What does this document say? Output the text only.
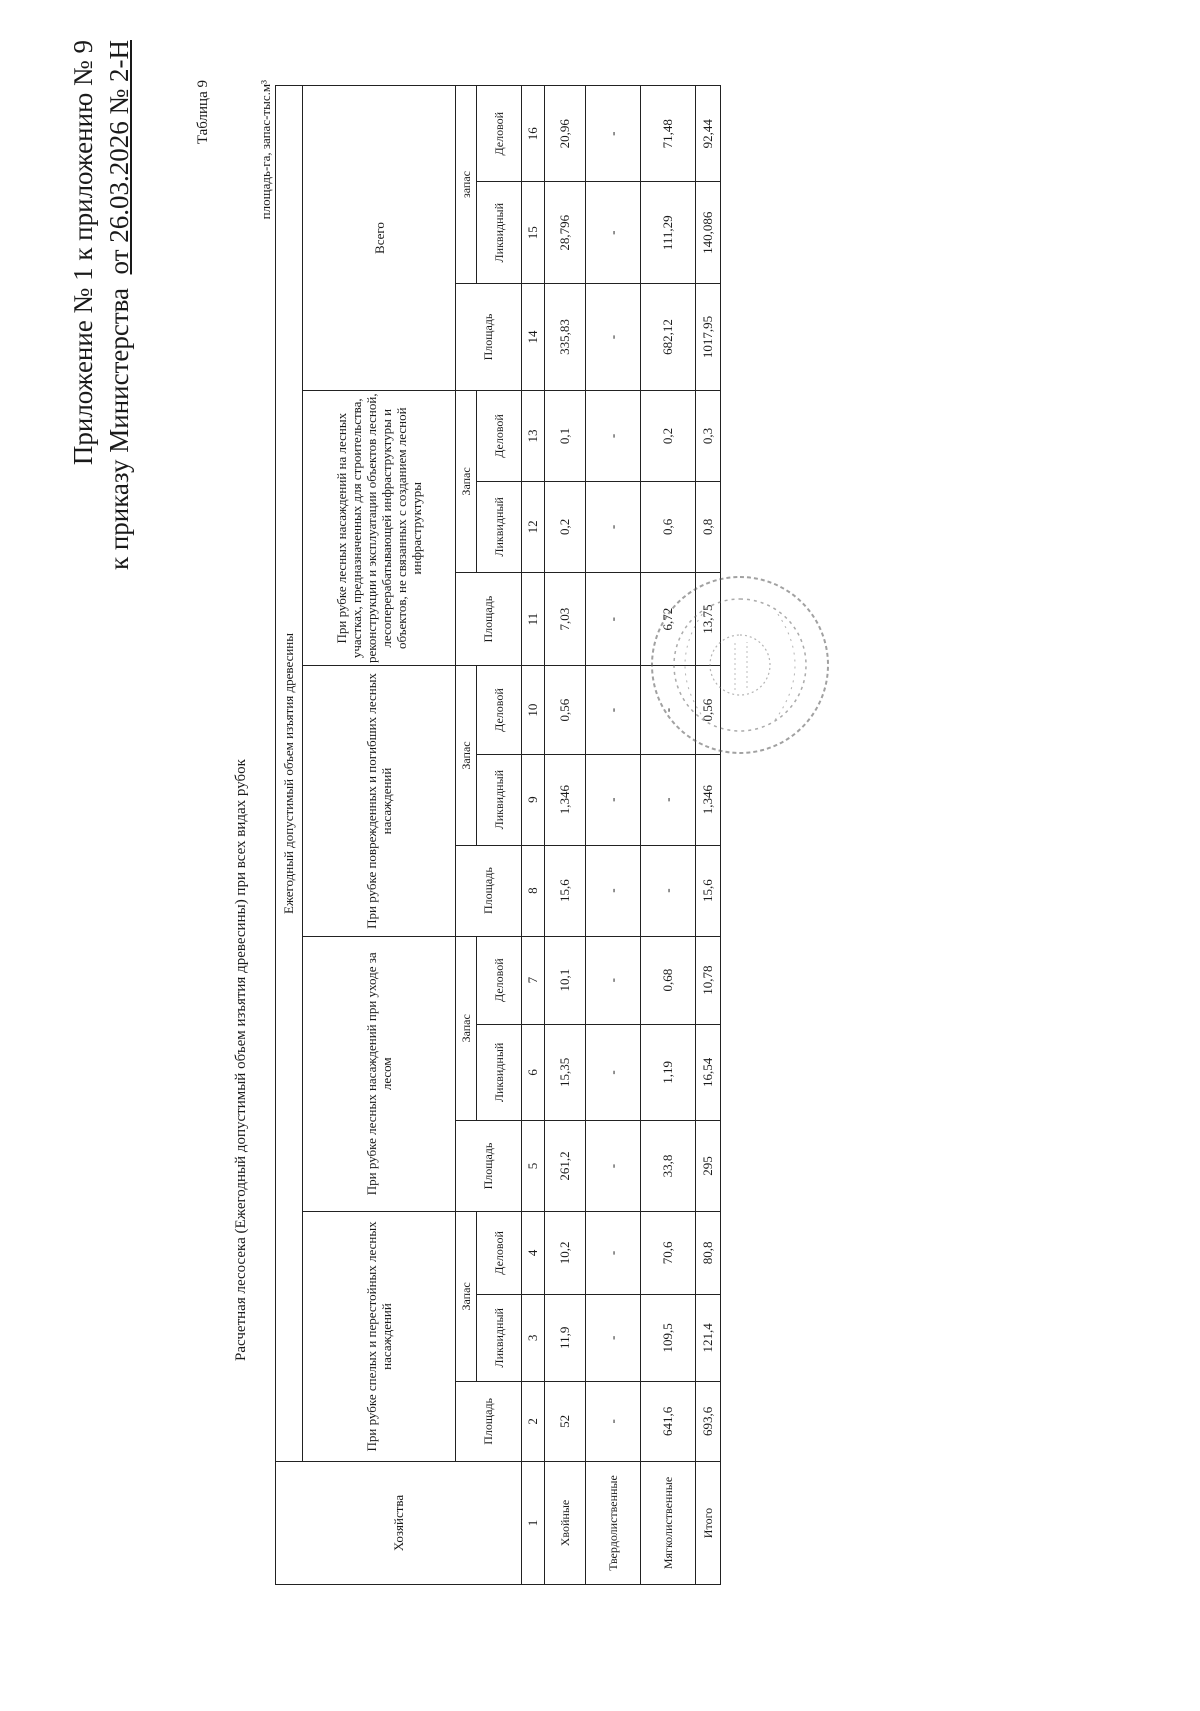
Приложение № 1 к приложению № 9 к приказу Министерства  от 26.03.2026 № 2-Н	Таблица 9
Расчетная лесосека (Ежегодный допустимый объем изъятия древесины) при всех видах рубок
площадь-га, запас-тыс.м³
Хозяйства	Ежегодный допустимый объем изъятия древесины														
	При рубке спелых и перестойных лесных насаждений			При рубке лесных насаждений при уходе за лесом			При рубке поврежденных и погибших лесных насаждений			При рубке лесных насаждений на лесных участках, предназначенных для строительства, реконструкции и эксплуатации объектов лесной, лесоперерабатывающей инфраструктуры и объектов, не связанных с созданием лесной инфраструктуры			Всего		
	Площадь	Запас		Площадь	Запас		Площадь	Запас		Площадь	Запас		Площадь	запас	
		Ликвидный	Деловой		Ликвидный	Деловой		Ликвидный	Деловой		Ликвидный	Деловой		Ликвидный	Деловой
1	2	3	4	5	6	7	8	9	10	11	12	13	14	15	16
Хвойные	52	11,9	10,2	261,2	15,35	10,1	15,6	1,346	0,56	7,03	0,2	0,1	335,83	28,796	20,96
Твердолиственные	-	-	-	-	-	-	-	-	-	-	-	-	-	-	-
Мягколиственные	641,6	109,5	70,6	33,8	1,19	0,68	-	-	-	6,72	0,6	0,2	682,12	111,29	71,48
Итого	693,6	121,4	80,8	295	16,54	10,78	15,6	1,346	0,56	13,75	0,8	0,3	1017,95	140,086	92,44
